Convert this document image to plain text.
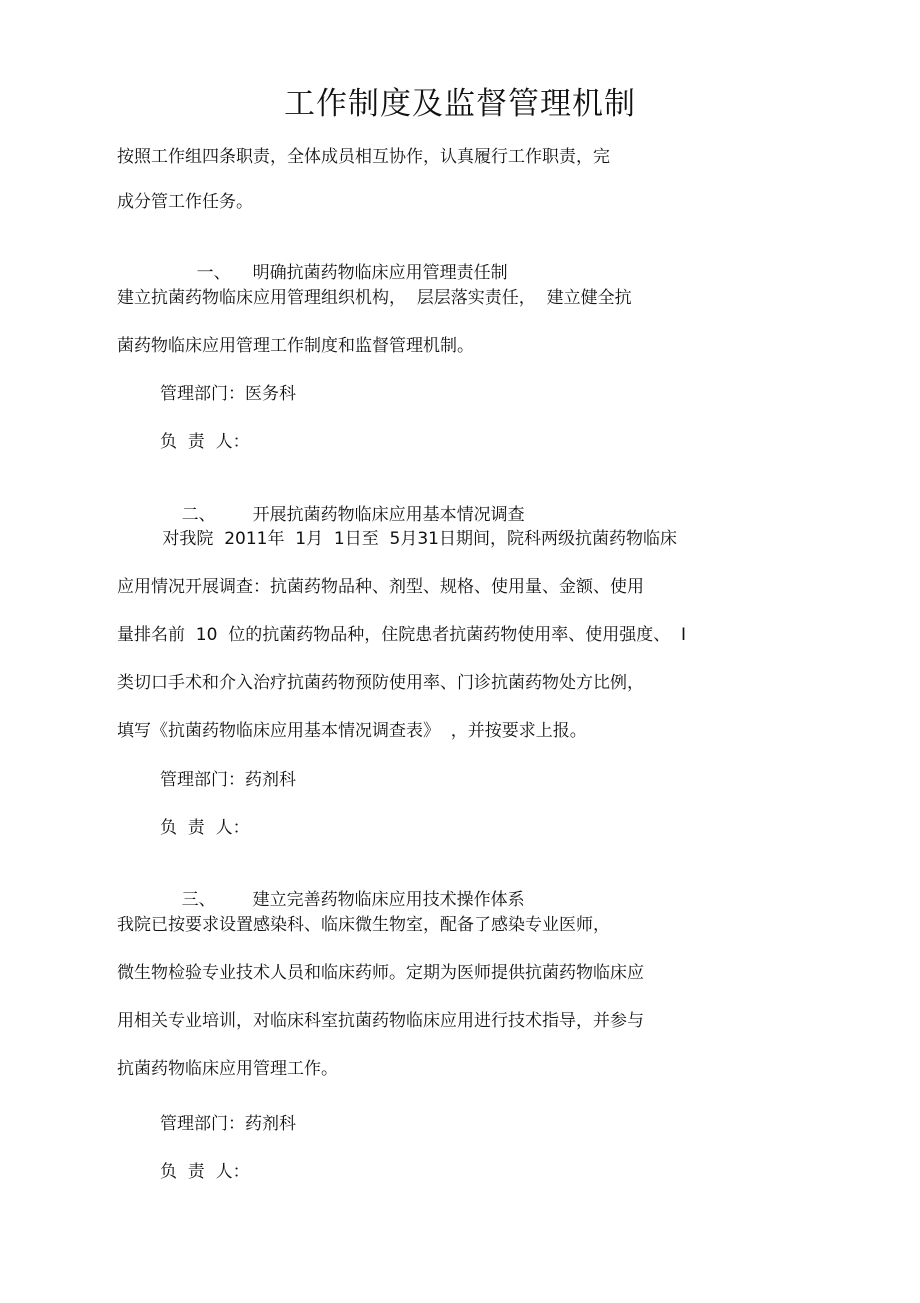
工作制度及监督管理机制
按照工作组四条职责，全体成员相互协作，认真履行工作职责，完
成分管工作任务。

一、 明确抗菌药物临床应用管理责任制

建立抗菌药物临床应用管理组织机构，  层层落实责任，  建立健全抗
菌药物临床应用管理工作制度和监督管理机制。
管理部门：医务科
负  责  人：

二、 开展抗菌药物临床应用基本情况调查

对我院  2011年  1月  1日至  5月31日期间，院科两级抗菌药物临床
应用情况开展调查：抗菌药物品种、剂型、规格、使用量、金额、使用
量排名前  10  位的抗菌药物品种，住院患者抗菌药物使用率、使用强度、  I
类切口手术和介入治疗抗菌药物预防使用率、门诊抗菌药物处方比例，
填写《抗菌药物临床应用基本情况调查表》  ，并按要求上报。
管理部门：药剂科
负  责  人：

三、 建立完善药物临床应用技术操作体系

我院已按要求设置感染科、临床微生物室，配备了感染专业医师，
微生物检验专业技术人员和临床药师。定期为医师提供抗菌药物临床应
用相关专业培训，对临床科室抗菌药物临床应用进行技术指导，并参与
抗菌药物临床应用管理工作。
管理部门：药剂科
负  责  人：
